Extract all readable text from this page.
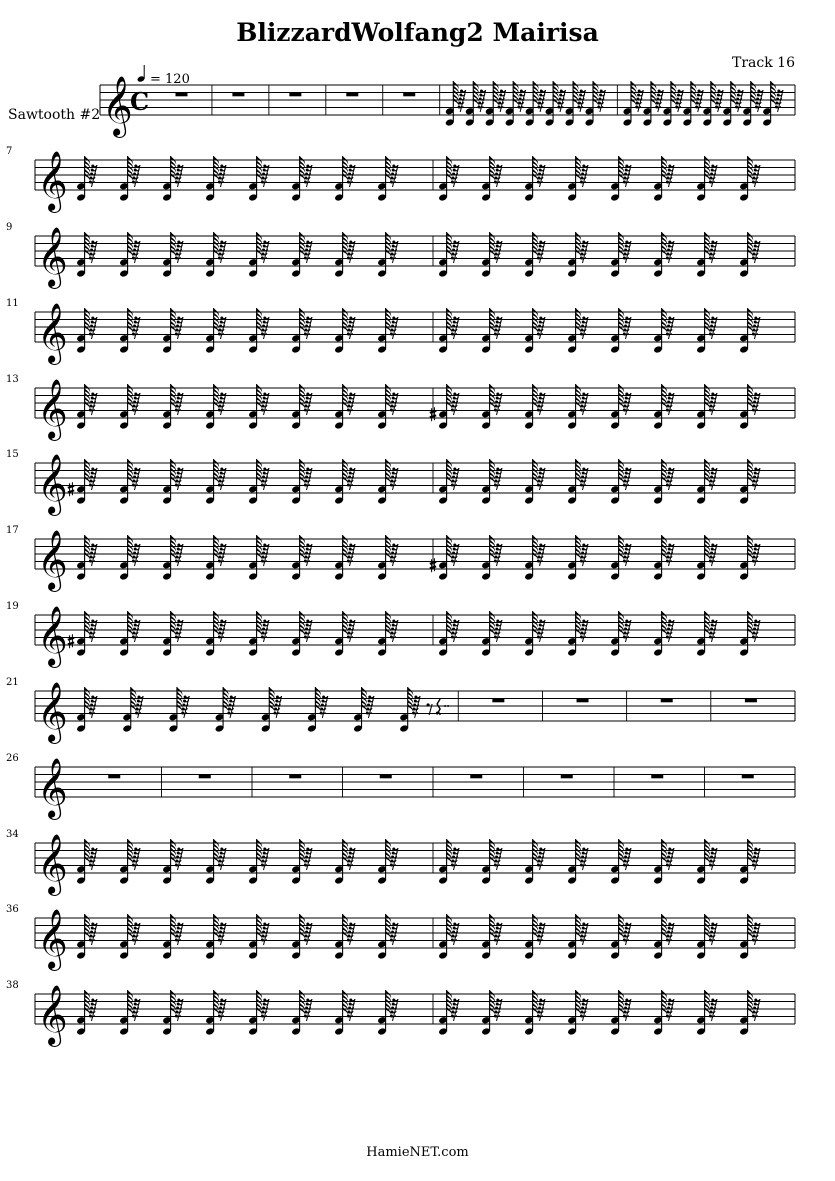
BlizzardWolfang2 Mairisa
Track 16
Sawtooth #2 𝄞
C
= 120
𝄞
7
𝄞
9
𝄞
11
𝄞
13
𝄞
15
𝄞
17
𝄞
19
𝄞
21
𝄞
26
𝄞
34
𝄞
36
𝄞
38
HamieNET.com
